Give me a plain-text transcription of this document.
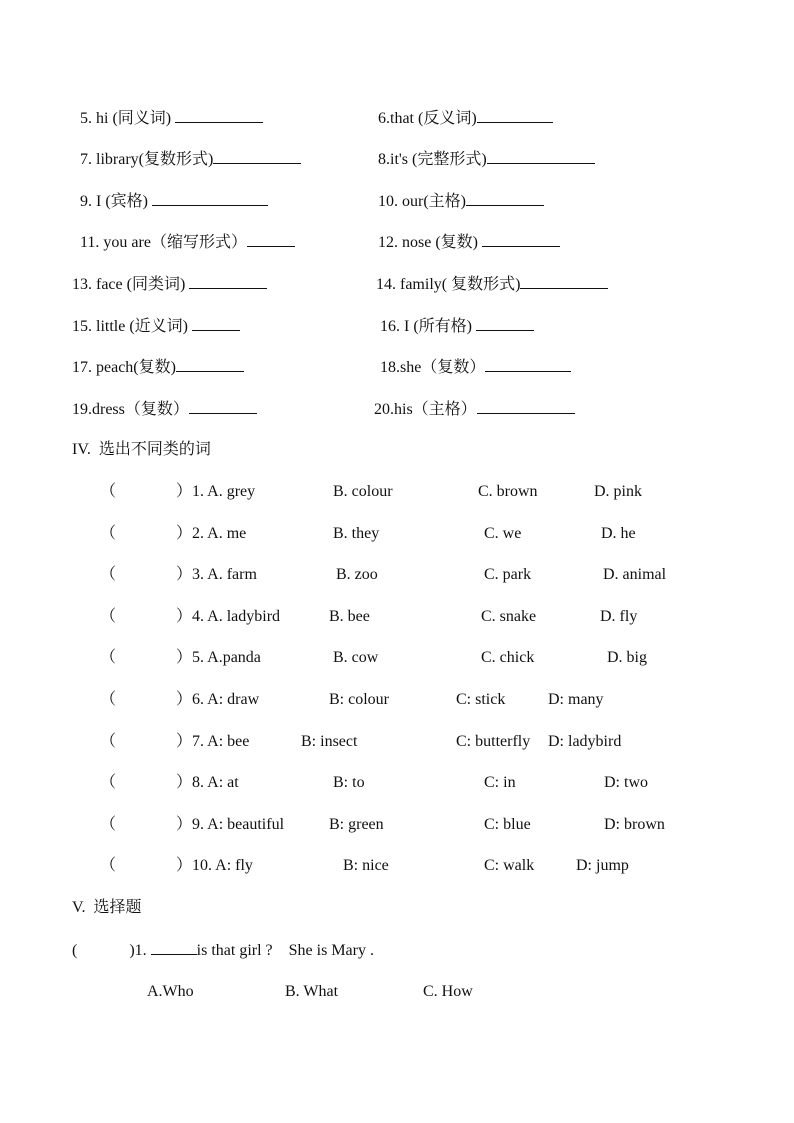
5. hi (同义词)	6.that (反义词)
7. library(复数形式)	8.it's (完整形式)
9. I (宾格)	10. our(主格)
11. you are（缩写形式）	12. nose (复数)
13. face (同类词)	14. family( 复数形式)
15. little (近义词)	16. I (所有格)
17. peach(复数)	18.she（复数）
19.dress（复数）	20.his（主格）
IV.  选出不同类的词
（	）1. A. grey	B. colour	C. brown	D. pink
（	）2. A. me	B. they	C. we	D. he
（	）3. A. farm	B. zoo	C. park	D. animal
（	）4. A. ladybird	B. bee	C. snake	D. fly
（	）5. A.panda	B. cow	C. chick	D. big
（	）6. A: draw	B: colour	C: stick	D: many
（	）7. A: bee	B: insect	C: butterfly D: ladybird
（	）8. A: at	B: to	C: in	D: two
（	）9. A: beautiful	B: green	C: blue	D: brown
（	）10. A: fly	B: nice	C: walk	D: jump
V.  选择题
(	)1.	is that girl ? She is Mary .
A.Who	B. What	C. How
